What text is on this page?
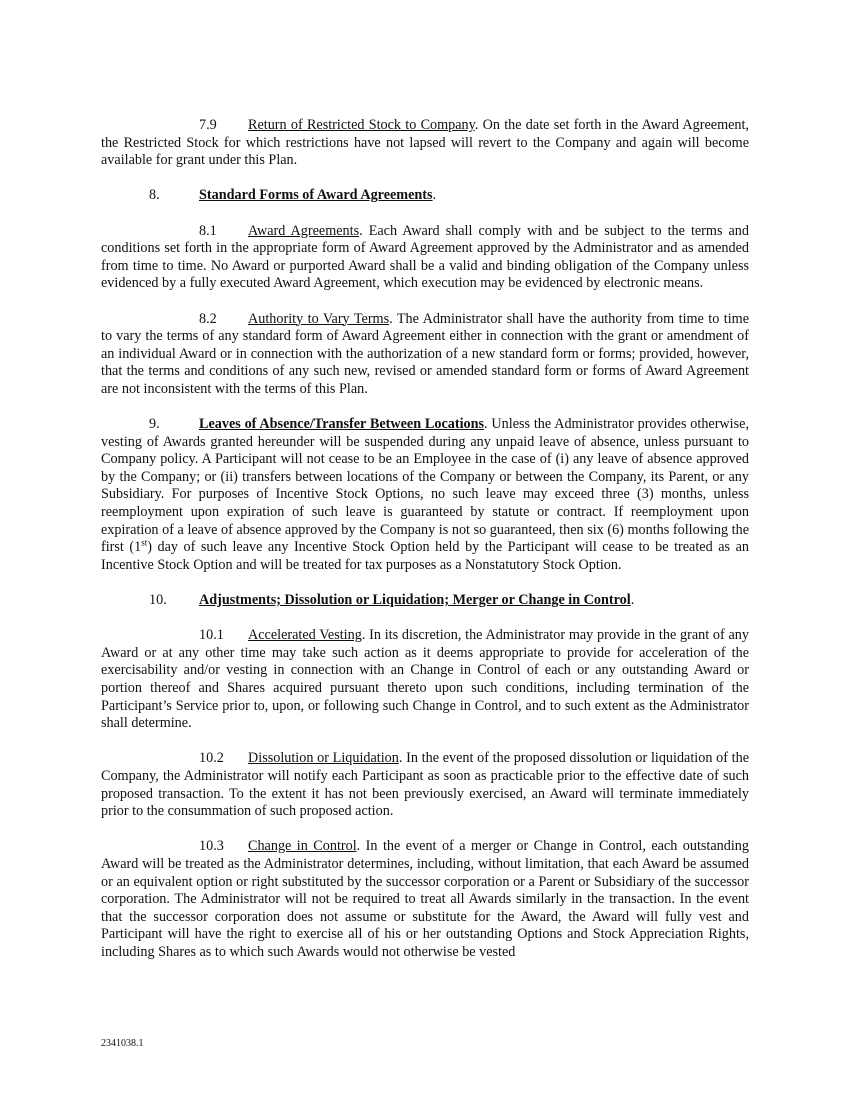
7.9 Return of Restricted Stock to Company. On the date set forth in the Award Agreement, the Restricted Stock for which restrictions have not lapsed will revert to the Company and again will become available for grant under this Plan.

8.	Standard Forms of Award Agreements.

8.1 Award Agreements. Each Award shall comply with and be subject to the terms and conditions set forth in the appropriate form of Award Agreement approved by the Administrator and as amended from time to time. No Award or purported Award shall be a valid and binding obligation of the Company unless evidenced by a fully executed Award Agreement, which execution may be evidenced by electronic means.

8.2 Authority to Vary Terms. The Administrator shall have the authority from time to time to vary the terms of any standard form of Award Agreement either in connection with the grant or amendment of an individual Award or in connection with the authorization of a new standard form or forms; provided, however, that the terms and conditions of any such new, revised or amended standard form or forms of Award Agreement are not inconsistent with the terms of this Plan.

9.	Leaves of Absence/Transfer Between Locations. Unless the Administrator provides otherwise, vesting of Awards granted hereunder will be suspended during any unpaid leave of absence, unless pursuant to Company policy. A Participant will not cease to be an Employee in the case of (i) any leave of absence approved by the Company; or (ii) transfers between locations of the Company or between the Company, its Parent, or any Subsidiary. For purposes of Incentive Stock Options, no such leave may exceed three (3) months, unless reemployment upon expiration of such leave is guaranteed by statute or contract. If reemployment upon expiration of a leave of absence approved by the Company is not so guaranteed, then six (6) months following the first (1st) day of such leave any Incentive Stock Option held by the Participant will cease to be treated as an Incentive Stock Option and will be treated for tax purposes as a Nonstatutory Stock Option.

10. Adjustments; Dissolution or Liquidation; Merger or Change in Control.

10.1 Accelerated Vesting. In its discretion, the Administrator may provide in the grant of any Award or at any other time may take such action as it deems appropriate to provide for acceleration of the exercisability and/or vesting in connection with an Change in Control of each or any outstanding Award or portion thereof and Shares acquired pursuant thereto upon such conditions, including termination of the Participant’s Service prior to, upon, or following such Change in Control, and to such extent as the Administrator shall determine.

10.2 Dissolution or Liquidation. In the event of the proposed dissolution or liquidation of the Company, the Administrator will notify each Participant as soon as practicable prior to the effective date of such proposed transaction. To the extent it has not been previously exercised, an Award will terminate immediately prior to the consummation of such proposed action.

10.3 Change in Control. In the event of a merger or Change in Control, each outstanding Award will be treated as the Administrator determines, including, without limitation, that each Award be assumed or an equivalent option or right substituted by the successor corporation or a Parent or Subsidiary of the successor corporation. The Administrator will not be required to treat all Awards similarly in the transaction. In the event that the successor corporation does not assume or substitute for the Award, the Award will fully vest and Participant will have the right to exercise all of his or her outstanding Options and Stock Appreciation Rights, including Shares as to which such Awards would not otherwise be vested

2341038.1
